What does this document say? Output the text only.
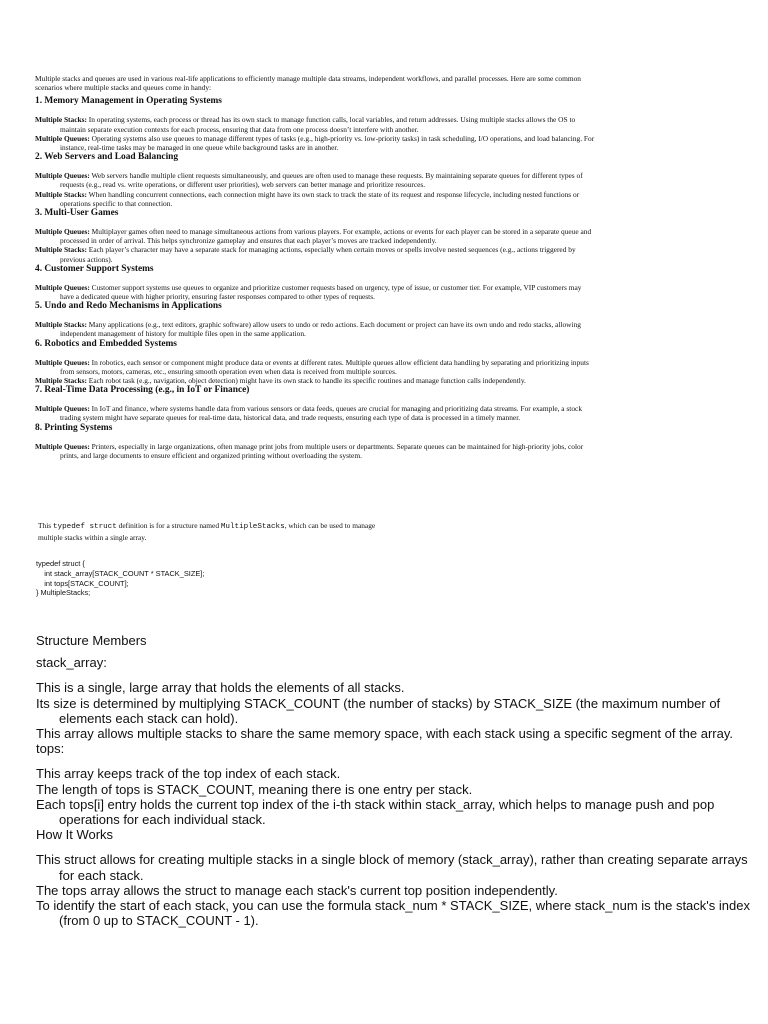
Multiple stacks and queues are used in various real-life applications to efficiently manage multiple data streams, independent workflows, and parallel processes. Here are some common scenarios where multiple stacks and queues come in handy:

1. Memory Management in Operating Systems

Multiple Stacks: In operating systems, each process or thread has its own stack to manage function calls, local variables, and return addresses. Using multiple stacks allows the OS to maintain separate execution contexts for each process, ensuring that data from one process doesn’t interfere with another.

Multiple Queues: Operating systems also use queues to manage different types of tasks (e.g., high-priority vs. low-priority tasks) in task scheduling, I/O operations, and load balancing. For instance, real-time tasks may be managed in one queue while background tasks are in another.

2. Web Servers and Load Balancing

Multiple Queues: Web servers handle multiple client requests simultaneously, and queues are often used to manage these requests. By maintaining separate queues for different types of requests (e.g., read vs. write operations, or different user priorities), web servers can better manage and prioritize resources.

Multiple Stacks: When handling concurrent connections, each connection might have its own stack to track the state of its request and response lifecycle, including nested functions or operations specific to that connection.

3. Multi-User Games

Multiple Queues: Multiplayer games often need to manage simultaneous actions from various players. For example, actions or events for each player can be stored in a separate queue and processed in order of arrival. This helps synchronize gameplay and ensures that each player’s moves are tracked independently.

Multiple Stacks: Each player’s character may have a separate stack for managing actions, especially when certain moves or spells involve nested sequences (e.g., actions triggered by previous actions).

4. Customer Support Systems

Multiple Queues: Customer support systems use queues to organize and prioritize customer requests based on urgency, type of issue, or customer tier. For example, VIP customers may have a dedicated queue with higher priority, ensuring faster responses compared to other types of requests.

5. Undo and Redo Mechanisms in Applications

Multiple Stacks: Many applications (e.g., text editors, graphic software) allow users to undo or redo actions. Each document or project can have its own undo and redo stacks, allowing independent management of history for multiple files open in the same application.

6. Robotics and Embedded Systems

Multiple Queues: In robotics, each sensor or component might produce data or events at different rates. Multiple queues allow efficient data handling by separating and prioritizing inputs from sensors, motors, cameras, etc., ensuring smooth operation even when data is received from multiple sources.

Multiple Stacks: Each robot task (e.g., navigation, object detection) might have its own stack to handle its specific routines and manage function calls independently.

7. Real-Time Data Processing (e.g., in IoT or Finance)

Multiple Queues: In IoT and finance, where systems handle data from various sensors or data feeds, queues are crucial for managing and prioritizing data streams. For example, a stock trading system might have separate queues for real-time data, historical data, and trade requests, ensuring each type of data is processed in a timely manner.

8. Printing Systems

Multiple Queues: Printers, especially in large organizations, often manage print jobs from multiple users or departments. Separate queues can be maintained for high-priority jobs, color prints, and large documents to ensure efficient and organized printing without overloading the system.

This typedef struct definition is for a structure named MultipleStacks, which can be used to manage multiple stacks within a single array.
typedef struct {
int stack_array[STACK_COUNT * STACK_SIZE];
int tops[STACK_COUNT];
} MultipleStacks;

Structure Members

stack_array:

This is a single, large array that holds the elements of all stacks.

Its size is determined by multiplying STACK_COUNT (the number of stacks) by STACK_SIZE (the maximum number of elements each stack can hold).

This array allows multiple stacks to share the same memory space, with each stack using a specific segment of the array.

tops:

This array keeps track of the top index of each stack.

The length of tops is STACK_COUNT, meaning there is one entry per stack.

Each tops[i] entry holds the current top index of the i-th stack within stack_array, which helps to manage push and pop operations for each individual stack.

How It Works

This struct allows for creating multiple stacks in a single block of memory (stack_array), rather than creating separate arrays for each stack.

The tops array allows the struct to manage each stack's current top position independently.

To identify the start of each stack, you can use the formula stack_num * STACK_SIZE, where stack_num is the stack's index (from 0 up to STACK_COUNT - 1).
